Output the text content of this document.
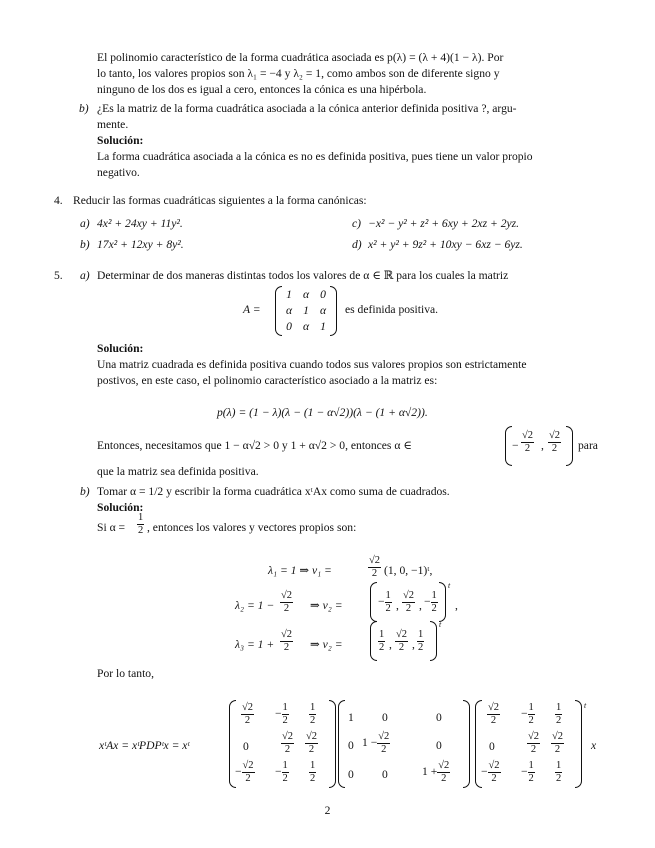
El polinomio característico de la forma cuadrática asociada es p(λ) = (λ + 4)(1 − λ). Por
lo tanto, los valores propios son λ₁ = −4 y λ₂ = 1, como ambos son de diferente signo y
ninguno de los dos es igual a cero, entonces la cónica es una hipérbola.
b) ¿Es la matriz de la forma cuadrática asociada a la cónica anterior definida positiva ?, argu-
mente.
Solución:
La forma cuadrática asociada a la cónica es no es definida positiva, pues tiene un valor propio
negativo.
4. Reducir las formas cuadráticas siguientes a la forma canónicas:
a) 4x² + 24xy + 11y².
b) 17x² + 12xy + 8y².
c) −x² − y² + z² + 6xy + 2xz + 2yz.
d) x² + y² + 9z² + 10xy − 6xz − 6yz.
5. a) Determinar de dos maneras distintas todos los valores de α ∈ ℝ para los cuales la matriz
A =
1 α 0
α 1 α
0 α 1
es definida positiva.
Solución:
Una matriz cuadrada es definida positiva cuando todos sus valores propios son estrictamente
postivos, en este caso, el polinomio característico asociado a la matriz es:
p(λ) = (1 − λ)(λ − (1 − α√2))(λ − (1 + α√2)).
Entonces, necesitamos que 1 − α√2 > 0 y 1 + α√2 > 0, entonces α ∈	− $\frac{√2}{2}$ , $\frac{√2}{2}$ para
que la matriz sea definida positiva.
b) Tomar α = 1/2 y escribir la forma cuadrática xᵗAx como suma de cuadrados.
Solución:
Si $\alpha = \frac{1}{2}$ , entonces los valores y vectores propios son:
λ₁ = 1 ⇒ v₁ =	$\frac{√2}{2} (1$, 0, −1)ᵗ,
$\lambda_2 = 1 - \frac{√2}{2}$ ⇒ v₂ =	− $\frac{1}{2}$ , $\frac{√2}{2}$ , − $\frac{1}{2}$
t
,
$\lambda_3 = 1 + \frac{√2}{2}$ ⇒ v₂ =	$\frac{1}{2}$ , $\frac{√2}{2}$ , $\frac{1}{2}$
t
Por lo tanto,
xᵗAx = xᵗPDPᵗx = xᵗ
$\frac{√2}{2} - \frac{1}{2} \frac{1}{2}$
0	$\frac{√2}{2} \frac{√2}{2}$
− $\frac{√2}{2} - \frac{1}{2} \frac{1}{2}$
1 0	0
0 $1 - \frac{√2}{2}$	0
0 0	$1 + \frac{√2}{2}$
$\frac{√2}{2} - \frac{1}{2} \frac{1}{2}$
0	$\frac{√2}{2} \frac{√2}{2}$
− $\frac{√2}{2} - \frac{1}{2} \frac{1}{2}$
t
x
2
